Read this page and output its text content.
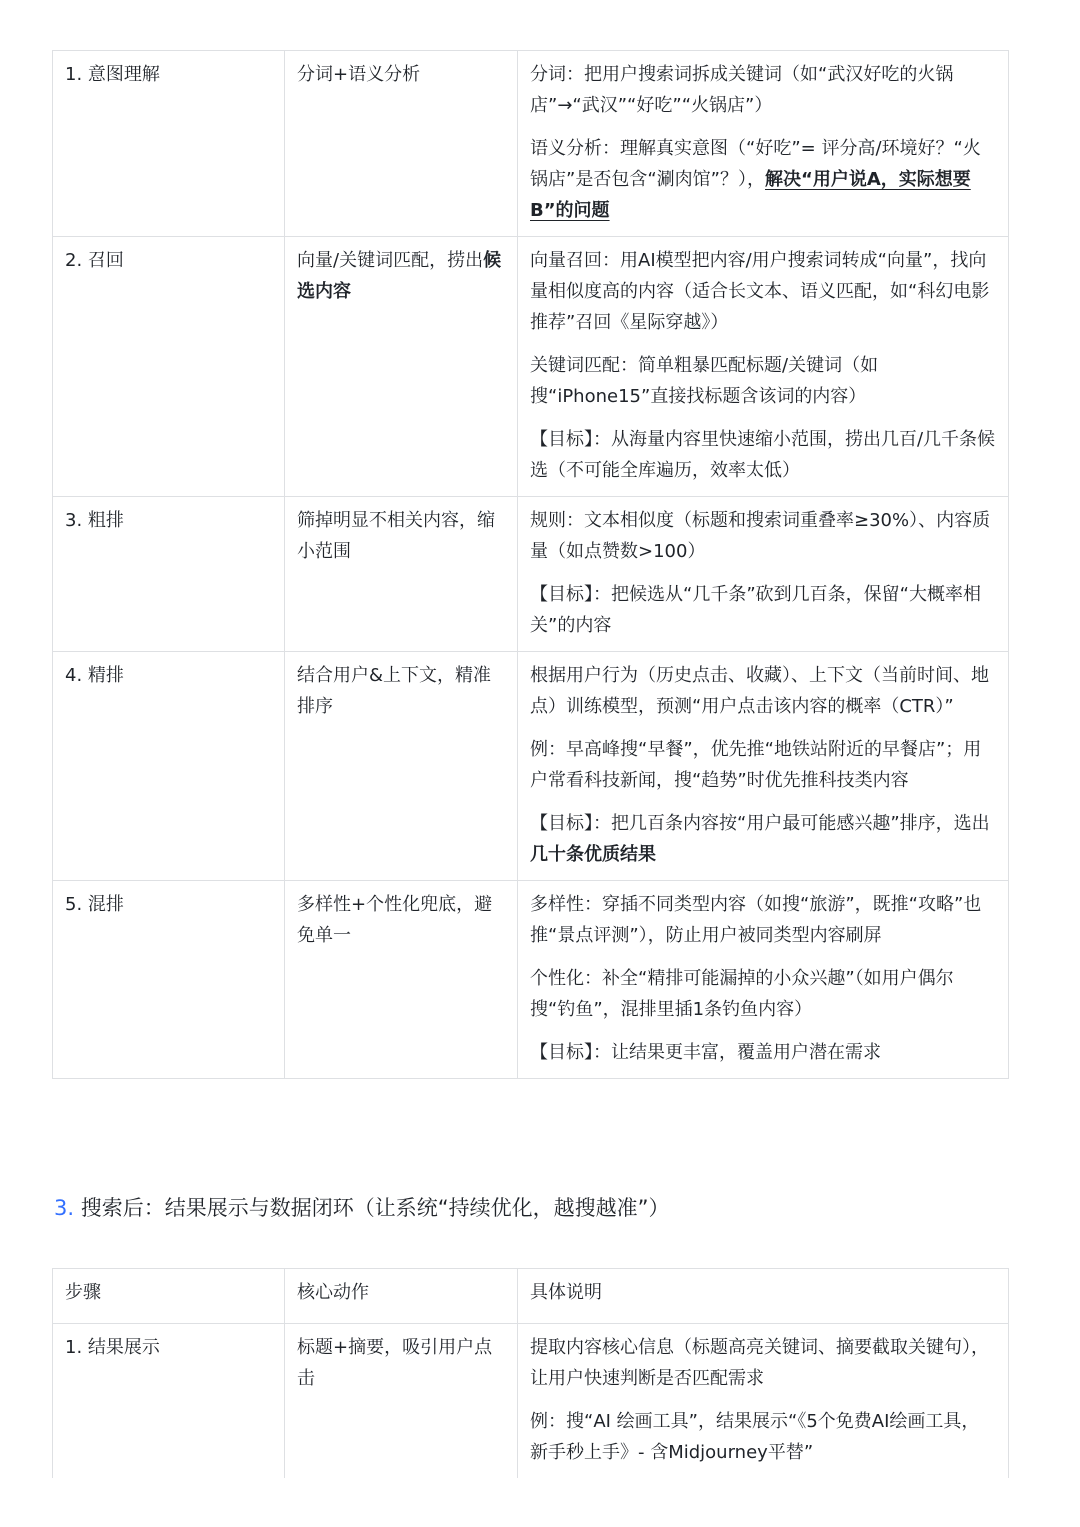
1. 意图理解	分词+语义分析	分词：把用户搜索词拆成关键词（如“武汉好吃的火锅店”→“武汉”“好吃”“火锅店”）

语义分析：理解真实意图（“好吃”= 评分高/环境好？“火锅店”是否包含“涮肉馆”？），解决“用户说A，实际想要B”的问题

2. 召回	向量/关键词匹配，捞出候选内容	向量召回：用AI模型把内容/用户搜索词转成“向量”，找向量相似度高的内容（适合长文本、语义匹配，如“科幻电影推荐”召回《星际穿越》）

关键词匹配：简单粗暴匹配标题/关键词（如搜“iPhone15”直接找标题含该词的内容）

【目标】：从海量内容里快速缩小范围，捞出几百/几千条候选（不可能全库遍历，效率太低）

3. 粗排	筛掉明显不相关内容，缩小范围	规则：文本相似度（标题和搜索词重叠率≥30%）、内容质量（如点赞数>100）

【目标】：把候选从“几千条”砍到几百条，保留“大概率相关”的内容

4. 精排	结合用户&上下文，精准排序	根据用户行为（历史点击、收藏）、上下文（当前时间、地点）训练模型，预测“用户点击该内容的概率（CTR）”

例：早高峰搜“早餐”，优先推“地铁站附近的早餐店”；用户常看科技新闻，搜“趋势”时优先推科技类内容

【目标】：把几百条内容按“用户最可能感兴趣”排序，选出几十条优质结果

5. 混排	多样性+个性化兜底，避免单一	多样性：穿插不同类型内容（如搜“旅游”，既推“攻略”也推“景点评测”），防止用户被同类型内容刷屏

个性化：补全“精排可能漏掉的小众兴趣”（如用户偶尔搜“钓鱼”，混排里插1条钓鱼内容）

【目标】：让结果更丰富，覆盖用户潜在需求

3. 搜索后：结果展示与数据闭环（让系统“持续优化，越搜越准”）
步骤	核心动作	具体说明
1. 结果展示	标题+摘要，吸引用户点击	提取内容核心信息（标题高亮关键词、摘要截取关键句），让用户快速判断是否匹配需求

例：搜“AI 绘画工具”，结果展示“《5个免费AI绘画工具，新手秒上手》- 含Midjourney平替”
